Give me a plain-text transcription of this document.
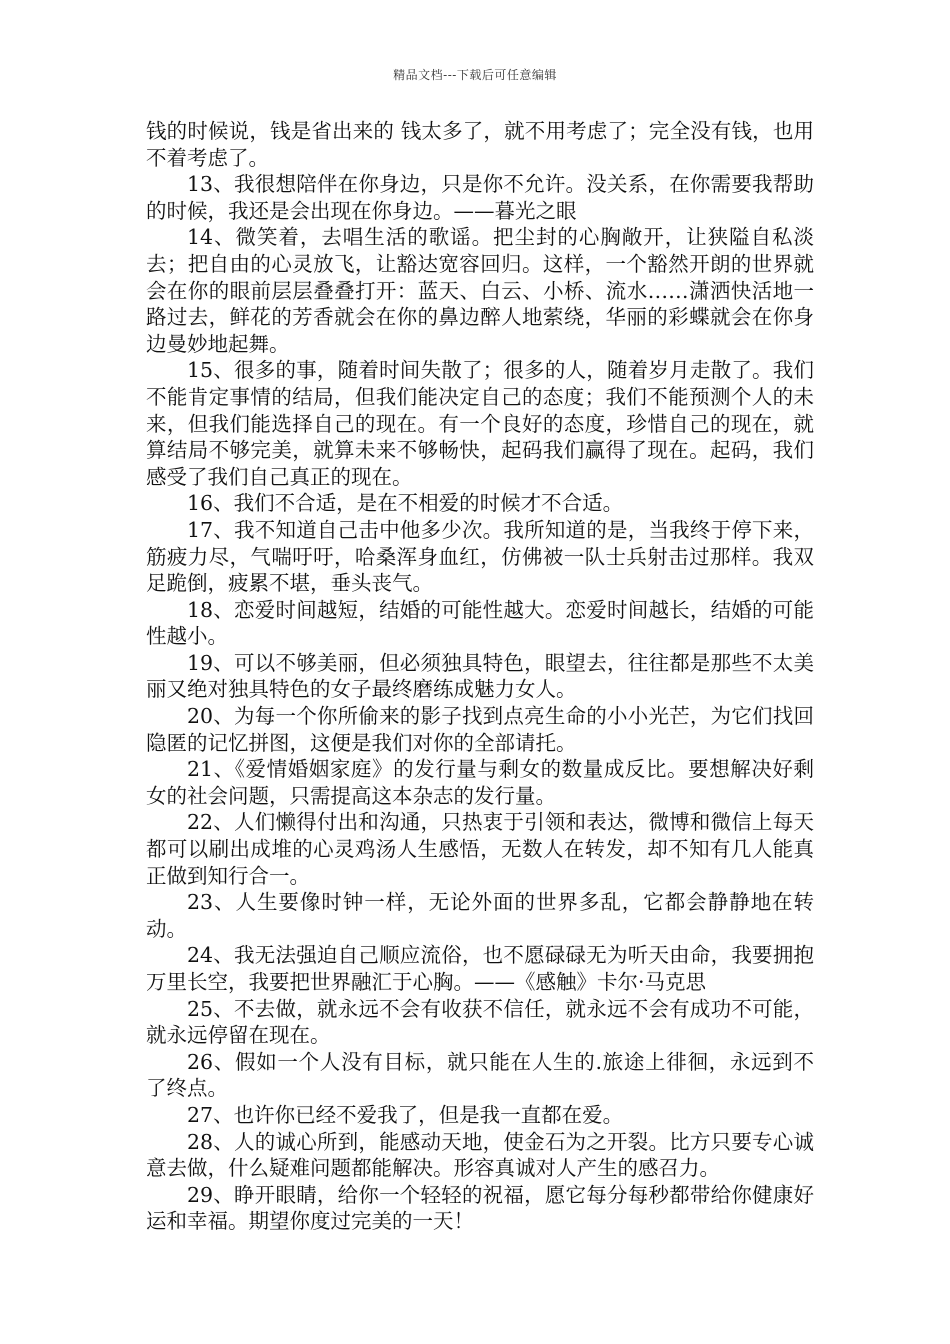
精品文档---下载后可任意编辑

钱的时候说，钱是省出来的 钱太多了，就不用考虑了；完全没有钱，也用不着考虑了。

13、我很想陪伴在你身边，只是你不允许。没关系，在你需要我帮助的时候，我还是会出现在你身边。——暮光之眼

14、微笑着，去唱生活的歌谣。把尘封的心胸敞开，让狭隘自私淡去；把自由的心灵放飞，让豁达宽容回归。这样，一个豁然开朗的世界就会在你的眼前层层叠叠打开：蓝天、白云、小桥、流水……潇洒快活地一路过去，鲜花的芳香就会在你的鼻边醉人地萦绕，华丽的彩蝶就会在你身边曼妙地起舞。

15、很多的事，随着时间失散了；很多的人，随着岁月走散了。我们不能肯定事情的结局，但我们能决定自己的态度；我们不能预测个人的未来，但我们能选择自己的现在。有一个良好的态度，珍惜自己的现在，就算结局不够完美，就算未来不够畅快，起码我们赢得了现在。起码，我们感受了我们自己真正的现在。

16、我们不合适，是在不相爱的时候才不合适。

17、我不知道自己击中他多少次。我所知道的是，当我终于停下来，筋疲力尽，气喘吁吁，哈桑浑身血红，仿佛被一队士兵射击过那样。我双足跪倒，疲累不堪，垂头丧气。

18、恋爱时间越短，结婚的可能性越大。恋爱时间越长，结婚的可能性越小。

19、可以不够美丽，但必须独具特色，眼望去，往往都是那些不太美丽又绝对独具特色的女子最终磨练成魅力女人。

20、为每一个你所偷来的影子找到点亮生命的小小光芒，为它们找回隐匿的记忆拼图，这便是我们对你的全部请托。

21、《爱情婚姻家庭》的发行量与剩女的数量成反比。要想解决好剩女的社会问题，只需提高这本杂志的发行量。

22、人们懒得付出和沟通，只热衷于引领和表达，微博和微信上每天都可以刷出成堆的心灵鸡汤人生感悟，无数人在转发，却不知有几人能真正做到知行合一。

23、人生要像时钟一样，无论外面的世界多乱，它都会静静地在转动。

24、我无法强迫自己顺应流俗，也不愿碌碌无为听天由命，我要拥抱万里长空，我要把世界融汇于心胸。——《感触》卡尔·马克思

25、不去做，就永远不会有收获不信任，就永远不会有成功不可能，就永远停留在现在。

26、假如一个人没有目标，就只能在人生的.旅途上徘徊，永远到不了终点。

27、也许你已经不爱我了，但是我一直都在爱。

28、人的诚心所到，能感动天地，使金石为之开裂。比方只要专心诚意去做，什么疑难问题都能解决。形容真诚对人产生的感召力。

29、睁开眼睛，给你一个轻轻的祝福，愿它每分每秒都带给你健康好运和幸福。期望你度过完美的一天！
